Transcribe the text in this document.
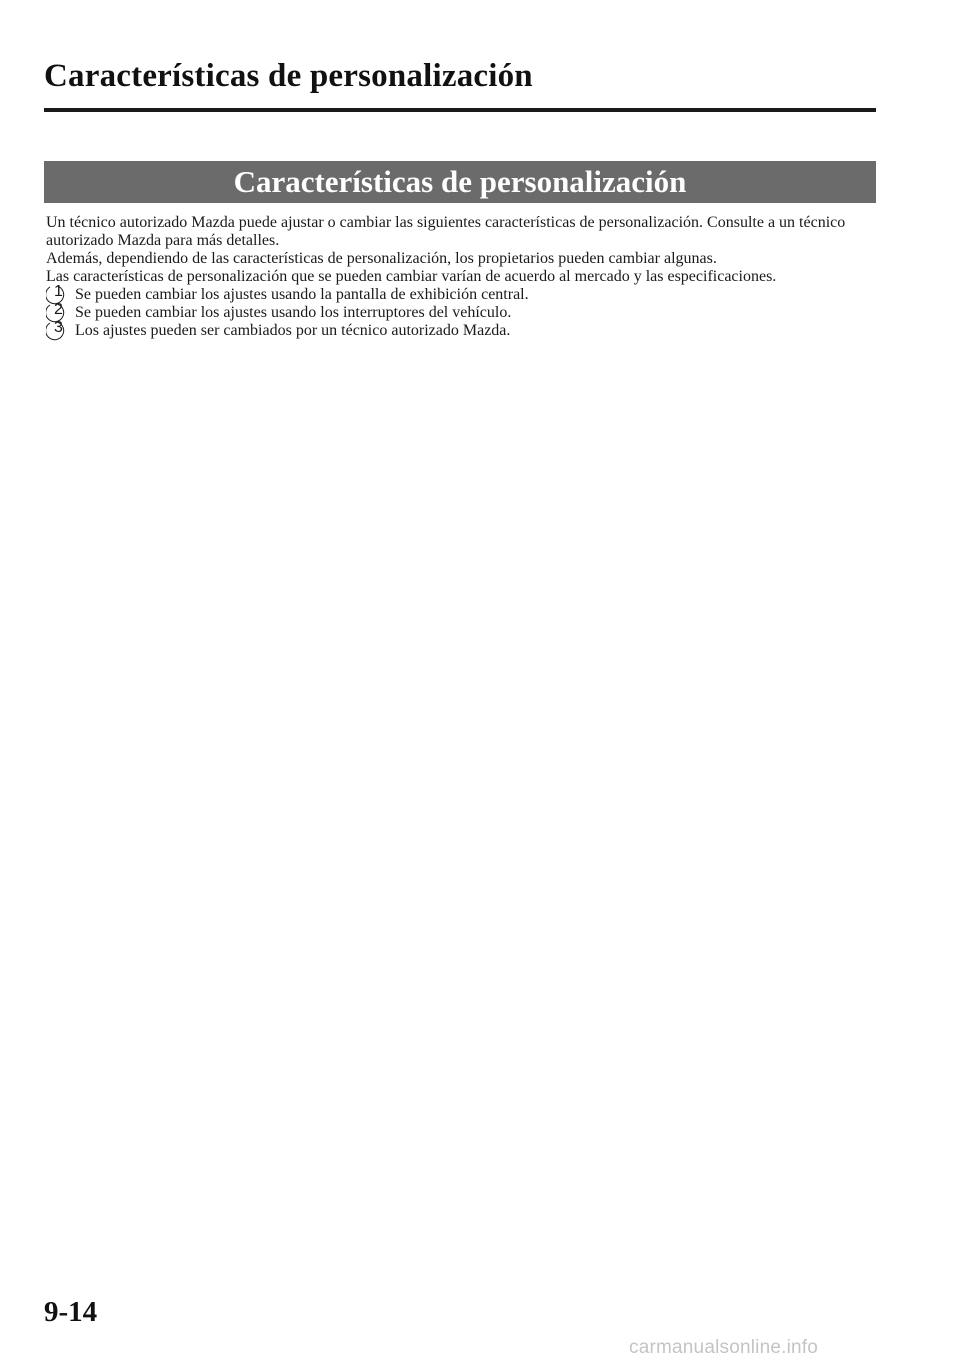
Características de personalización
Características de personalización

Un técnico autorizado Mazda puede ajustar o cambiar las siguientes características de personalización. Consulte a un técnico autorizado Mazda para más detalles.

Además, dependiendo de las características de personalización, los propietarios pueden cambiar algunas.

Las características de personalización que se pueden cambiar varían de acuerdo al mercado y las especificaciones.

1 Se pueden cambiar los ajustes usando la pantalla de exhibición central.
2 Se pueden cambiar los ajustes usando los interruptores del vehículo.
3 Los ajustes pueden ser cambiados por un técnico autorizado Mazda.
9-14
carmanualsonline.info
